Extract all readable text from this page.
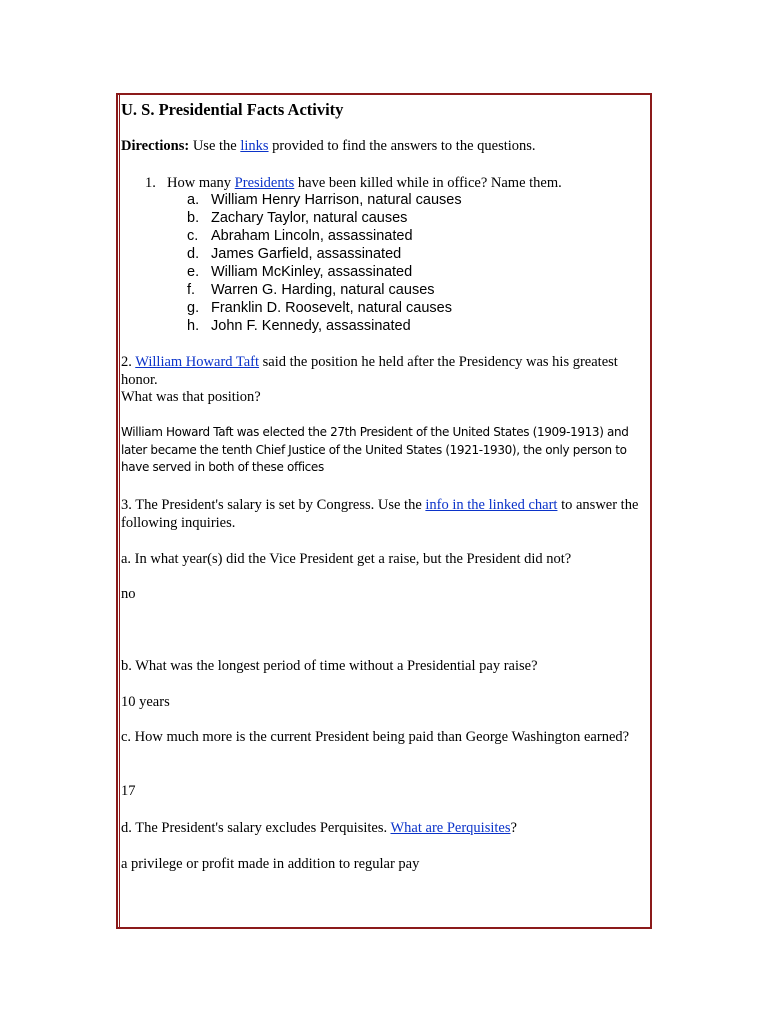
U. S. Presidential Facts Activity
Directions: Use the links provided to find the answers to the questions.
1. How many Presidents have been killed while in office? Name them.
a. William Henry Harrison, natural causes
b. Zachary Taylor, natural causes
c. Abraham Lincoln, assassinated
d. James Garfield, assassinated
e. William McKinley, assassinated
f. Warren G. Harding, natural causes
g. Franklin D. Roosevelt, natural causes
h. John F. Kennedy, assassinated
2. William Howard Taft said the position he held after the Presidency was his greatest honor.
What was that position?
William Howard Taft was elected the 27th President of the United States (1909-1913) and later became the tenth Chief Justice of the United States (1921-1930), the only person to have served in both of these offices
3. The President's salary is set by Congress. Use the info in the linked chart to answer the following inquiries.
a. In what year(s) did the Vice President get a raise, but the President did not?
no
b. What was the longest period of time without a Presidential pay raise?
10 years
c. How much more is the current President being paid than George Washington earned?
17
d. The President's salary excludes Perquisites. What are Perquisites?
a privilege or profit made in addition to regular pay
